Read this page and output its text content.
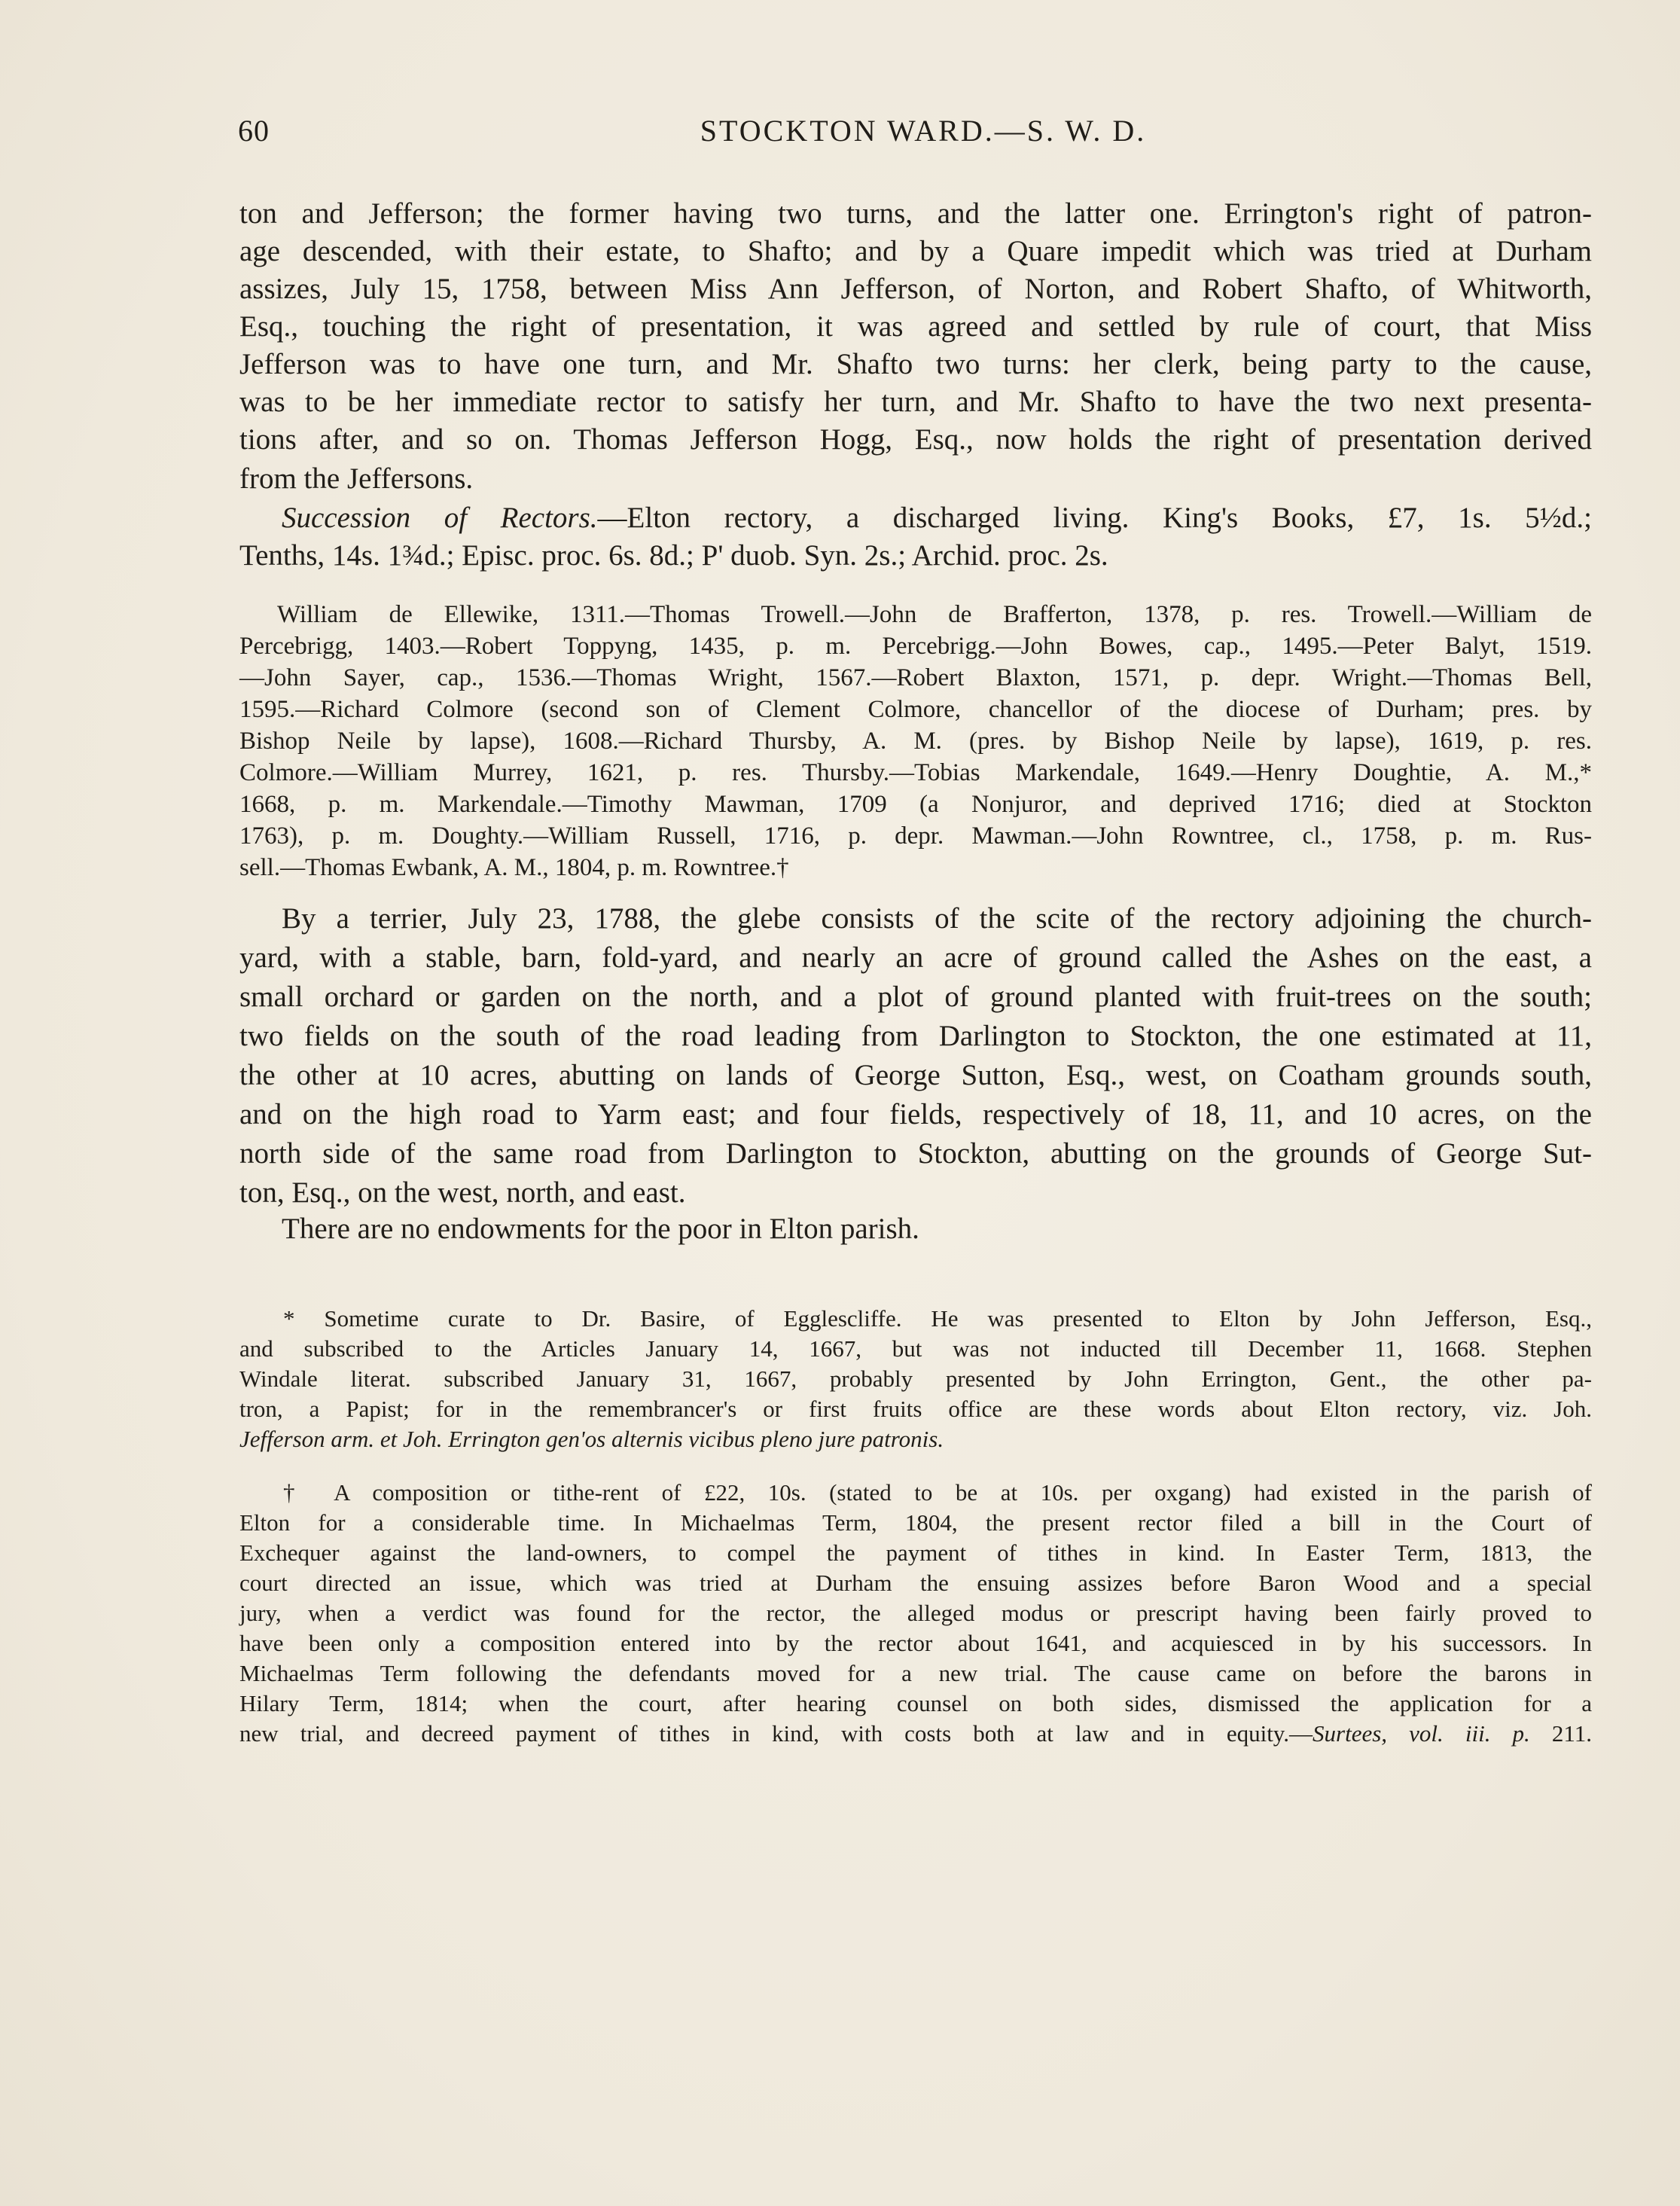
60	STOCKTON WARD.—S. W. D.
ton and Jefferson; the former having two turns, and the latter one. Errington's right of patron-
age descended, with their estate, to Shafto; and by a Quare impedit which was tried at Durham
assizes, July 15, 1758, between Miss Ann Jefferson, of Norton, and Robert Shafto, of Whitworth,
Esq., touching the right of presentation, it was agreed and settled by rule of court, that Miss
Jefferson was to have one turn, and Mr. Shafto two turns: her clerk, being party to the cause,
was to be her immediate rector to satisfy her turn, and Mr. Shafto to have the two next presenta-
tions after, and so on. Thomas Jefferson Hogg, Esq., now holds the right of presentation derived
from the Jeffersons.
Succession of Rectors.—Elton rectory, a discharged living. King's Books, £7, 1s. 5½d.;
Tenths, 14s. 1¾d.; Episc. proc. 6s. 8d.; P' duob. Syn. 2s.; Archid. proc. 2s.
William de Ellewike, 1311.—Thomas Trowell.—John de Brafferton, 1378, p. res. Trowell.—William de
Percebrigg, 1403.—Robert Toppyng, 1435, p. m. Percebrigg.—John Bowes, cap., 1495.—Peter Balyt, 1519.
—John Sayer, cap., 1536.—Thomas Wright, 1567.—Robert Blaxton, 1571, p. depr. Wright.—Thomas Bell,
1595.—Richard Colmore (second son of Clement Colmore, chancellor of the diocese of Durham; pres. by
Bishop Neile by lapse), 1608.—Richard Thursby, A. M. (pres. by Bishop Neile by lapse), 1619, p. res.
Colmore.—William Murrey, 1621, p. res. Thursby.—Tobias Markendale, 1649.—Henry Doughtie, A. M.,*
1668, p. m. Markendale.—Timothy Mawman, 1709 (a Nonjuror, and deprived 1716; died at Stockton
1763), p. m. Doughty.—William Russell, 1716, p. depr. Mawman.—John Rowntree, cl., 1758, p. m. Rus-
sell.—Thomas Ewbank, A. M., 1804, p. m. Rowntree.†
By a terrier, July 23, 1788, the glebe consists of the scite of the rectory adjoining the church-
yard, with a stable, barn, fold-yard, and nearly an acre of ground called the Ashes on the east, a
small orchard or garden on the north, and a plot of ground planted with fruit-trees on the south;
two fields on the south of the road leading from Darlington to Stockton, the one estimated at 11,
the other at 10 acres, abutting on lands of George Sutton, Esq., west, on Coatham grounds south,
and on the high road to Yarm east; and four fields, respectively of 18, 11, and 10 acres, on the
north side of the same road from Darlington to Stockton, abutting on the grounds of George Sut-
ton, Esq., on the west, north, and east.
There are no endowments for the poor in Elton parish.
* Sometime curate to Dr. Basire, of Egglescliffe. He was presented to Elton by John Jefferson, Esq.,
and subscribed to the Articles January 14, 1667, but was not inducted till December 11, 1668. Stephen
Windale literat. subscribed January 31, 1667, probably presented by John Errington, Gent., the other pa-
tron, a Papist; for in the remembrancer's or first fruits office are these words about Elton rectory, viz. Joh.
Jefferson arm. et Joh. Errington gen'os alternis vicibus pleno jure patronis.
† A composition or tithe-rent of £22, 10s. (stated to be at 10s. per oxgang) had existed in the parish of
Elton for a considerable time. In Michaelmas Term, 1804, the present rector filed a bill in the Court of
Exchequer against the land-owners, to compel the payment of tithes in kind. In Easter Term, 1813, the
court directed an issue, which was tried at Durham the ensuing assizes before Baron Wood and a special
jury, when a verdict was found for the rector, the alleged modus or prescript having been fairly proved to
have been only a composition entered into by the rector about 1641, and acquiesced in by his successors. In
Michaelmas Term following the defendants moved for a new trial. The cause came on before the barons in
Hilary Term, 1814; when the court, after hearing counsel on both sides, dismissed the application for a
new trial, and decreed payment of tithes in kind, with costs both at law and in equity.—Surtees, vol. iii. p. 211.
